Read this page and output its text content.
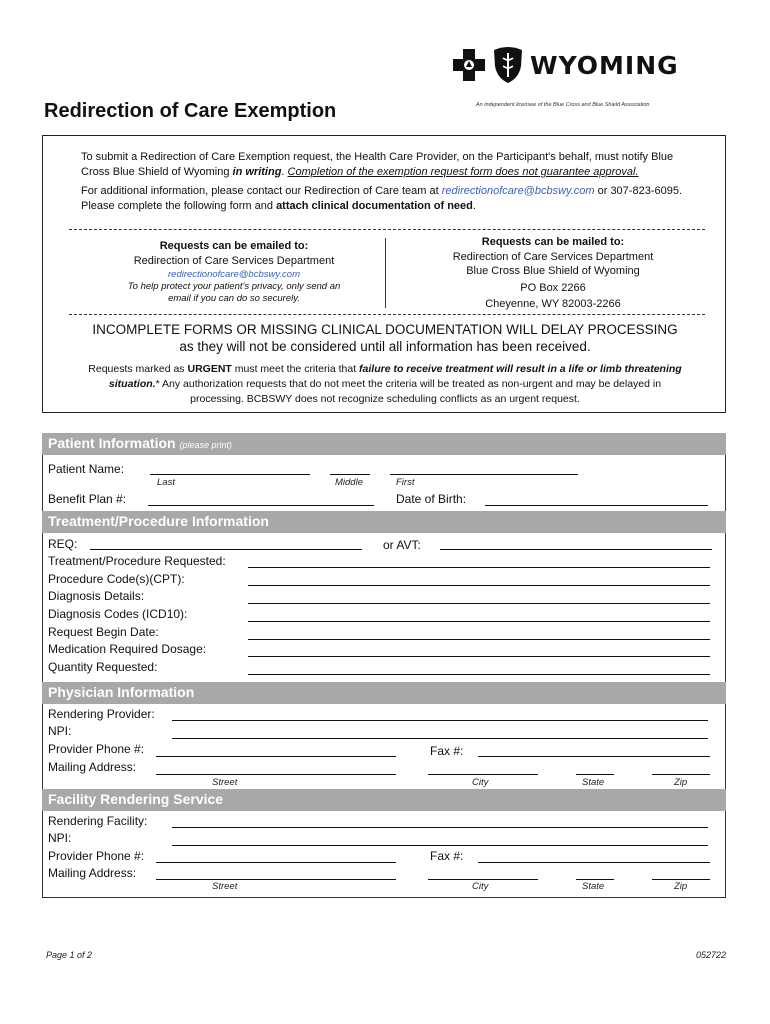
WYOMING
An independent licensee of the Blue Cross and Blue Shield Association
Redirection of Care Exemption
To submit a Redirection of Care Exemption request, the Health Care Provider, on the Participant's behalf, must notify Blue Cross Blue Shield of Wyoming in writing. Completion of the exemption request form does not guarantee approval.
For additional information, please contact our Redirection of Care team at redirectionofcare@bcbswy.com or 307-823-6095. Please complete the following form and attach clinical documentation of need.
Requests can be emailed to:
Redirection of Care Services Department
redirectionofcare@bcbswy.com
To help protect your patient's privacy, only send an email if you can do so securely.
Requests can be mailed to:
Redirection of Care Services Department
Blue Cross Blue Shield of Wyoming
PO Box 2266
Cheyenne, WY 82003-2266
INCOMPLETE FORMS OR MISSING CLINICAL DOCUMENTATION WILL DELAY PROCESSING
as they will not be considered until all information has been received.
Requests marked as URGENT must meet the criteria that failure to receive treatment will result in a life or limb threatening situation.* Any authorization requests that do not meet the criteria will be treated as non-urgent and may be delayed in processing. BCBSWY does not recognize scheduling conflicts as an urgent request.
Patient Information (please print)
Patient Name:
Last	Middle	First
Benefit Plan #:	Date of Birth:
Treatment/Procedure Information
REQ:	or AVT:
Treatment/Procedure Requested:
Procedure Code(s)(CPT):
Diagnosis Details:
Diagnosis Codes (ICD10):
Request Begin Date:
Medication Required Dosage:
Quantity Requested:
Physician Information
Rendering Provider:
NPI:
Provider Phone #:	Fax #:
Mailing Address:
Street	City	State	Zip
Facility Rendering Service
Rendering Facility:
NPI:
Provider Phone #:	Fax #:
Mailing Address:
Street	City	State	Zip
Page 1 of 2	052722
